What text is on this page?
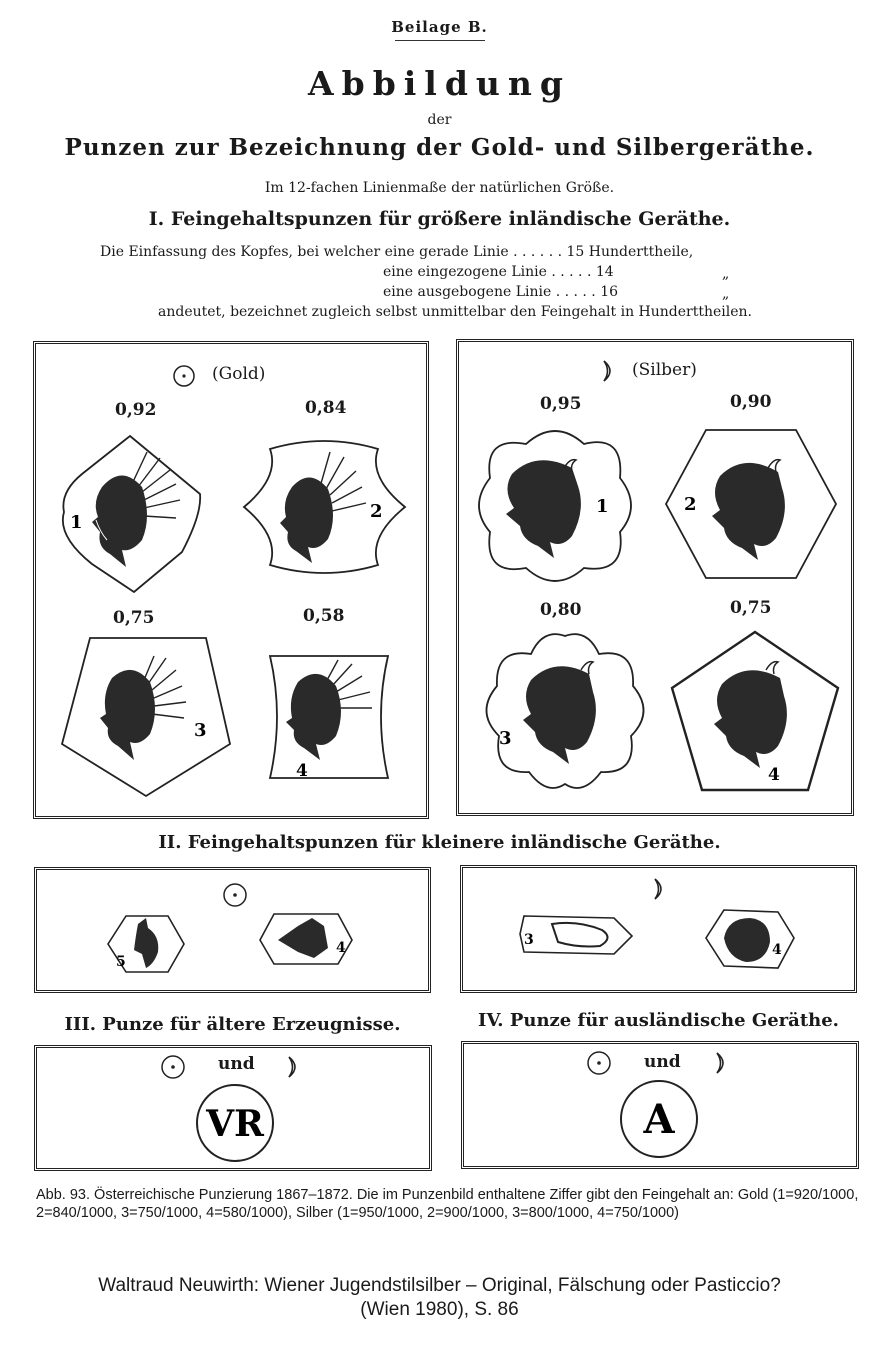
Beilage B.
Abbildung
der
Punzen zur Bezeichnung der Gold- und Silbergeräthe.
Im 12-fachen Linienmaße der natürlichen Größe.
I. Feingehaltspunzen für größere inländische Geräthe.
Die Einfassung des Kopfes, bei welcher eine gerade Linie . . . . . . 15 Hunderttheile,
eine eingezogene Linie . . . . . 14	„
eine ausgebogene Linie . . . . . 16	„
andeutet, bezeichnet zugleich selbst unmittelbar den Feingehalt in Hunderttheilen.
(Gold)
0,92	0,84
0,75	0,58
1
2
3
4
(Silber)
0,95	0,90
0,80	0,75
1	2
3
4
II. Feingehaltspunzen für kleinere inländische Geräthe.
5
4	3
4
III. Punze für ältere Erzeugnisse.
und
VR
IV. Punze für ausländische Geräthe.
und
A
Abb. 93. Österreichische Punzierung 1867–1872. Die im Punzenbild enthaltene Ziffer gibt den Feingehalt an: Gold (1=920/1000, 2=840/1000, 3=750/1000, 4=580/1000), Silber (1=950/1000, 2=900/1000, 3=800/1000, 4=750/1000)
Waltraud Neuwirth: Wiener Jugendstilsilber – Original, Fälschung oder Pasticcio?
(Wien 1980), S. 86
